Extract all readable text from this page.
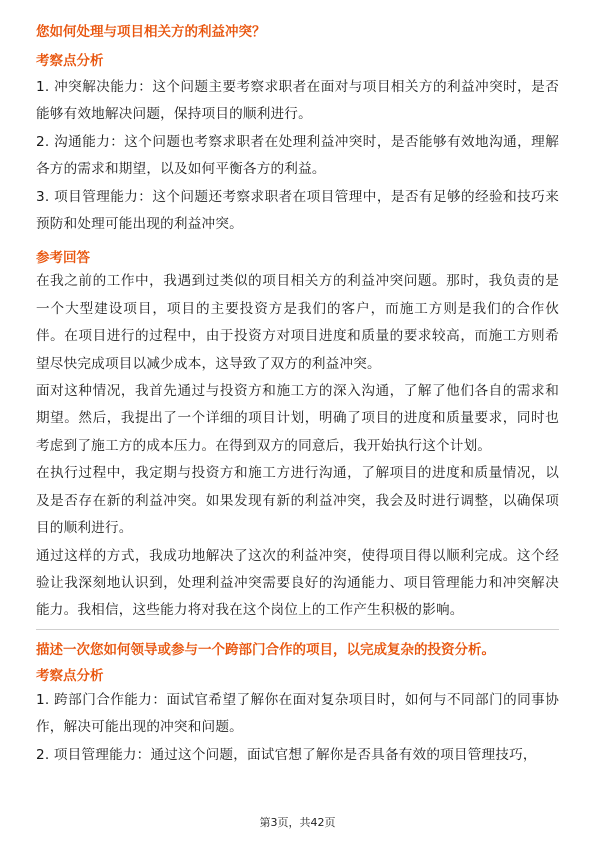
您如何处理与项目相关方的利益冲突？

考察点分析

1. 冲突解决能力：这个问题主要考察求职者在面对与项目相关方的利益冲突时，是否能够有效地解决问题，保持项目的顺利进行。

2. 沟通能力：这个问题也考察求职者在处理利益冲突时，是否能够有效地沟通，理解各方的需求和期望，以及如何平衡各方的利益。

3. 项目管理能力：这个问题还考察求职者在项目管理中，是否有足够的经验和技巧来预防和处理可能出现的利益冲突。

参考回答

在我之前的工作中，我遇到过类似的项目相关方的利益冲突问题。那时，我负责的是一个大型建设项目，项目的主要投资方是我们的客户，而施工方则是我们的合作伙伴。在项目进行的过程中，由于投资方对项目进度和质量的要求较高，而施工方则希望尽快完成项目以减少成本，这导致了双方的利益冲突。

面对这种情况，我首先通过与投资方和施工方的深入沟通，了解了他们各自的需求和期望。然后，我提出了一个详细的项目计划，明确了项目的进度和质量要求，同时也考虑到了施工方的成本压力。在得到双方的同意后，我开始执行这个计划。

在执行过程中，我定期与投资方和施工方进行沟通，了解项目的进度和质量情况，以及是否存在新的利益冲突。如果发现有新的利益冲突，我会及时进行调整，以确保项目的顺利进行。

通过这样的方式，我成功地解决了这次的利益冲突，使得项目得以顺利完成。这个经验让我深刻地认识到，处理利益冲突需要良好的沟通能力、项目管理能力和冲突解决能力。我相信，这些能力将对我在这个岗位上的工作产生积极的影响。

描述一次您如何领导或参与一个跨部门合作的项目，以完成复杂的投资分析。

考察点分析

1. 跨部门合作能力：面试官希望了解你在面对复杂项目时，如何与不同部门的同事协作，解决可能出现的冲突和问题。

2. 项目管理能力：通过这个问题，面试官想了解你是否具备有效的项目管理技巧，

第3页，共42页
